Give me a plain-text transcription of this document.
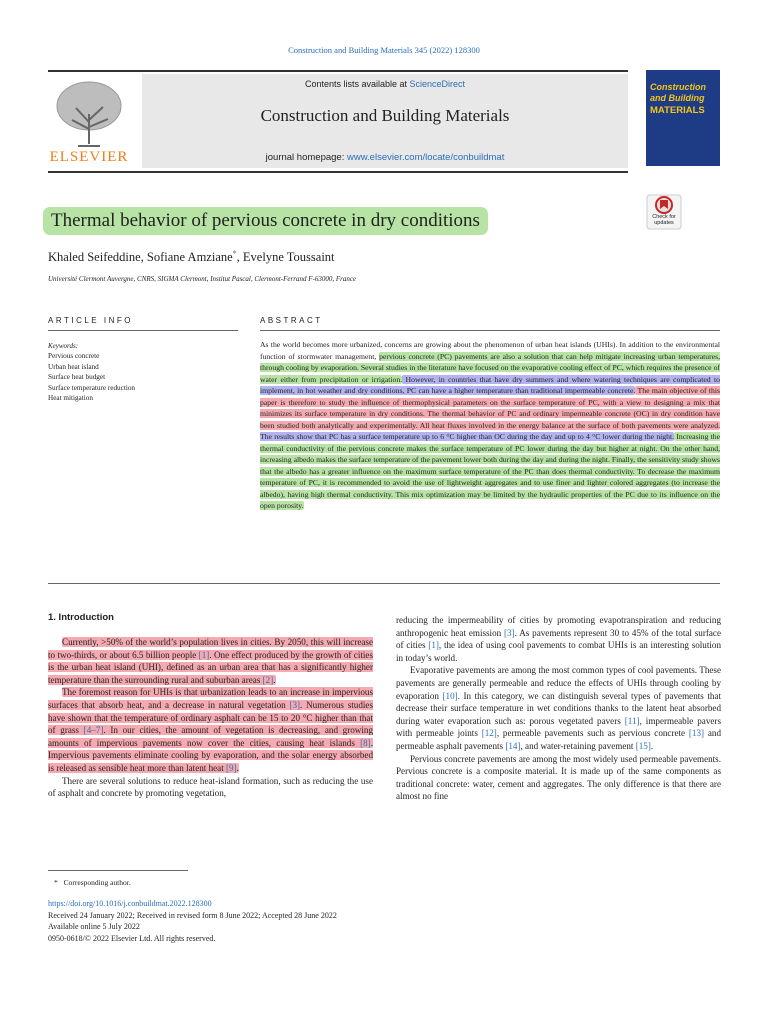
Construction and Building Materials 345 (2022) 128300
ELSEVIER
Contents lists available at ScienceDirect
Construction and Building Materials
journal homepage: www.elsevier.com/locate/conbuildmat
Construction
and Building
MATERIALS
Check for updates
Thermal behavior of pervious concrete in dry conditions
Khaled Seifeddine, Sofiane Amziane*, Evelyne Toussaint
Université Clermont Auvergne, CNRS, SIGMA Clermont, Institut Pascal, Clermont-Ferrand F-63000, France
ARTICLE INFO	ABSTRACT
Keywords:
Pervious concrete
Urban heat island
Surface heat budget
Surface temperature reduction
Heat mitigation
As the world becomes more urbanized, concerns are growing about the phenomenon of urban heat islands (UHIs). In addition to the environmental function of stormwater management, pervious concrete (PC) pavements are also a solution that can help mitigate increasing urban temperatures, through cooling by evaporation. Several studies in the literature have focused on the evaporative cooling effect of PC, which requires the presence of water either from precipitation or irrigation. However, in countries that have dry summers and where watering techniques are complicated to implement, in hot weather and dry conditions, PC can have a higher temperature than traditional impermeable concrete. The main objective of this paper is therefore to study the influence of thermophysical parameters on the surface temperature of PC, with a view to designing a mix that minimizes its surface temperature in dry conditions. The thermal behavior of PC and ordinary impermeable concrete (OC) in dry condition have been studied both analytically and experimentally. All heat fluxes involved in the energy balance at the surface of both pavements were analyzed. The results show that PC has a surface temperature up to 6 °C higher than OC during the day and up to 4 °C lower during the night. Increasing the thermal conductivity of the pervious concrete makes the surface temperature of PC lower during the day but higher at night. On the other hand, increasing albedo makes the surface temperature of the pavement lower both during the day and during the night. Finally, the sensitivity study shows that the albedo has a greater influence on the maximum surface temperature of the PC than does thermal conductivity. To decrease the maximum temperature of PC, it is recommended to avoid the use of lightweight aggregates and to use finer and lighter colored aggregates (to increase the albedo), having high thermal conductivity. This mix optimization may be limited by the hydraulic properties of the PC due to its influence on the open porosity.
1. Introduction

Currently, >50% of the world’s population lives in cities. By 2050, this will increase to two-thirds, or about 6.5 billion people [1]. One effect produced by the growth of cities is the urban heat island (UHI), defined as an urban area that has a significantly higher temperature than the surrounding rural and suburban areas [2].

The foremost reason for UHIs is that urbanization leads to an increase in impervious surfaces that absorb heat, and a decrease in natural vegetation [3]. Numerous studies have shown that the temperature of ordinary asphalt can be 15 to 20 °C higher than that of grass [4–7]. In our cities, the amount of vegetation is decreasing, and growing amounts of impervious pavements now cover the cities, causing heat islands [8]. Impervious pavements eliminate cooling by evaporation, and the solar energy absorbed is released as sensible heat more than latent heat [9].

There are several solutions to reduce heat-island formation, such as reducing the use of asphalt and concrete by promoting vegetation,

reducing the impermeability of cities by promoting evapotranspiration and reducing anthropogenic heat emission [3]. As pavements represent 30 to 45% of the total surface of cities [1], the idea of using cool pavements to combat UHIs is an interesting solution in today’s world.

Evaporative pavements are among the most common types of cool pavements. These pavements are generally permeable and reduce the effects of UHIs through cooling by evaporation [10]. In this category, we can distinguish several types of pavements that decrease their surface temperature in wet conditions thanks to the latent heat absorbed during water evaporation such as: porous vegetated pavers [11], impermeable pavers with permeable joints [12], permeable pavements such as pervious concrete [13] and permeable asphalt pavements [14], and water-retaining pavement [15].

Pervious concrete pavements are among the most widely used permeable pavements. Pervious concrete is a composite material. It is made up of the same components as traditional concrete: water, cement and aggregates. The only difference is that there are almost no fine

* Corresponding author.
https://doi.org/10.1016/j.conbuildmat.2022.128300
Received 24 January 2022; Received in revised form 8 June 2022; Accepted 28 June 2022
Available online 5 July 2022
0950-0618/© 2022 Elsevier Ltd. All rights reserved.
